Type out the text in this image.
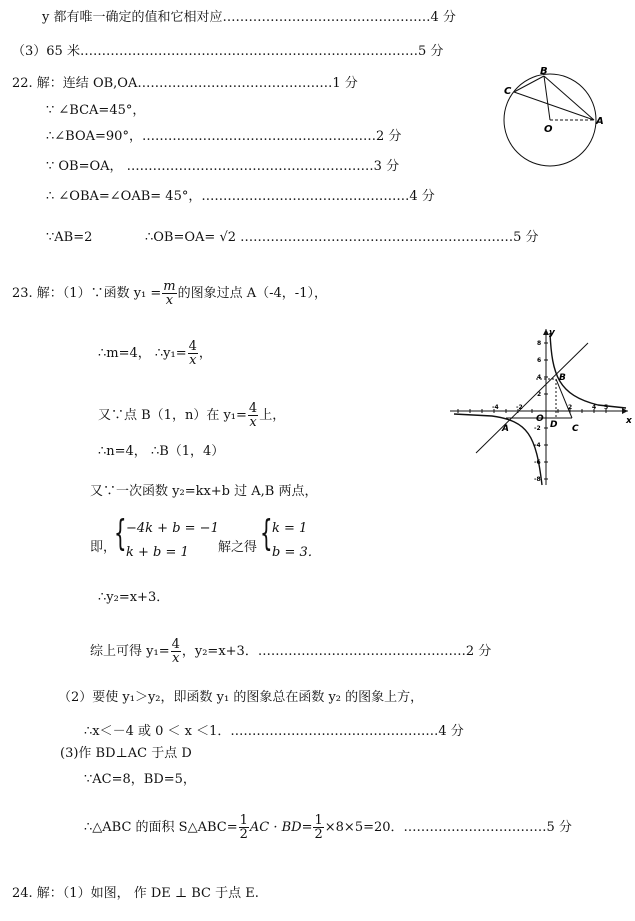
y 都有唯一确定的值和它相对应…………………………………………4 分
（3）65 米……………………………………………………………………5 分
22. 解：连结 OB,OA………………………………………1 分
∵ ∠BCA=45°，
∴∠BOA=90°，………………………………………………2 分
∵ OB=OA， …………………………………………………3 分
∴ ∠OBA=∠OAB= 45°，…………………………………………4 分
∵AB=2	∴OB=OA= √2 ………………………………………………………5 分
B
C
O
A
23. 解：（1）∵函数 $y_1 = \frac{m}{x}$ 的图象过点 A（-4，-1），
∴m=4， ∴y₁= $\frac{4}{x}$ ，
又∵点 B（1，n）在 $y_1= \frac{4}{x}$ 上，
∴n=4， ∴B（1，4）
又∵一次函数 y₂=kx+b 过 A,B 两点，
即，
{ −4k + b = −1
k + b = 1 解之得 { k = 1
b = 3．
∴y₂=x+3．
综上可得 $y_1= \frac{4}{x}$ ，y₂=x+3．…………………………………………2 分
（2）要使 y₁＞y₂，即函数 y₁ 的图象总在函数 y₂ 的图象上方，
∴x＜－4 或 0 ＜ x ＜1．…………………………………………4 分
(3)作 BD⊥AC 于点 D
∵AC=8，BD=5，
∴△ABC 的面积 S△ABC= $\frac{1}{2}$ AC · $BD= \frac{1}{2} \times 8\times 5=20$．……………………………5 分
24. 解：（1）如图， 作 DE ⊥ BC 于点 E.
y
x
A
B
C
D
O
-4	-2	2	4 5
8
6
4
2
-2
-4
-6
-8
